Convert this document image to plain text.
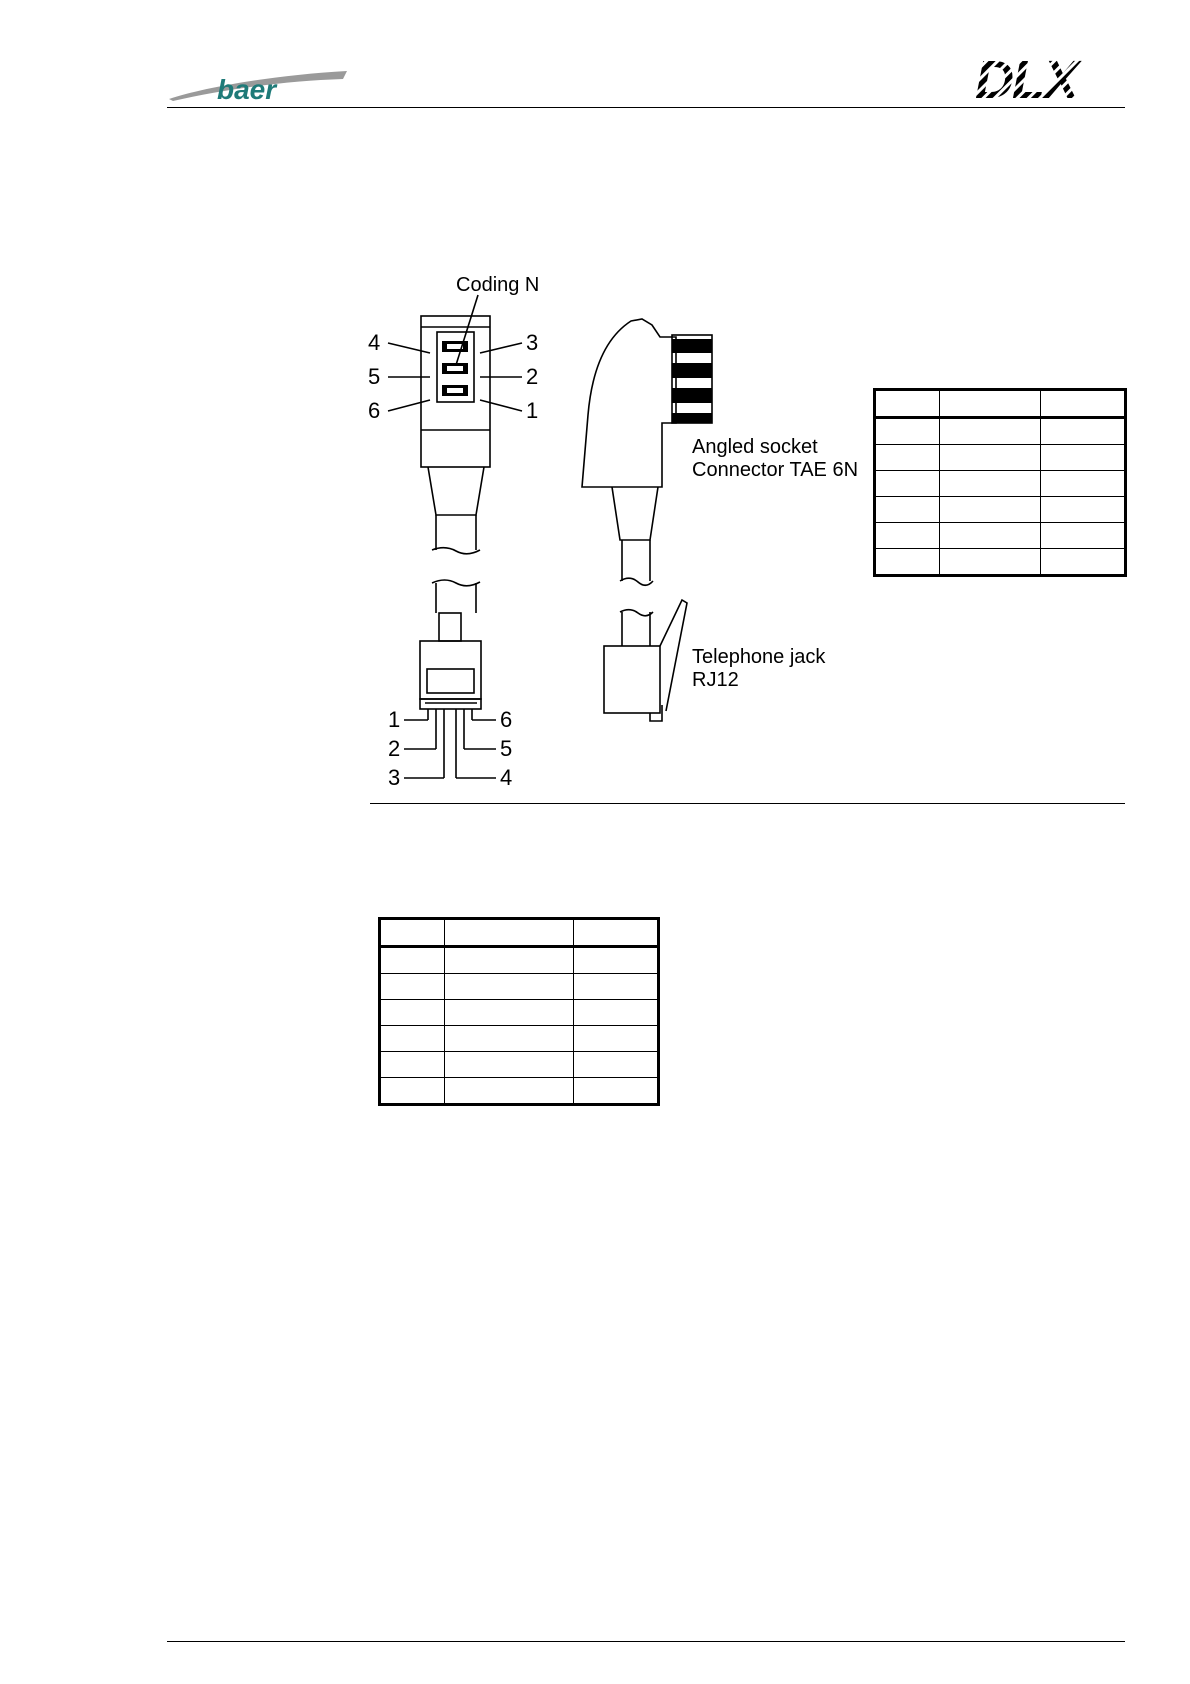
baer	DLX
Coding N
4
5
6
3
2
1
1
2
3
6
5
4
Angled socket
Connector TAE 6N
Telephone jack
RJ12
